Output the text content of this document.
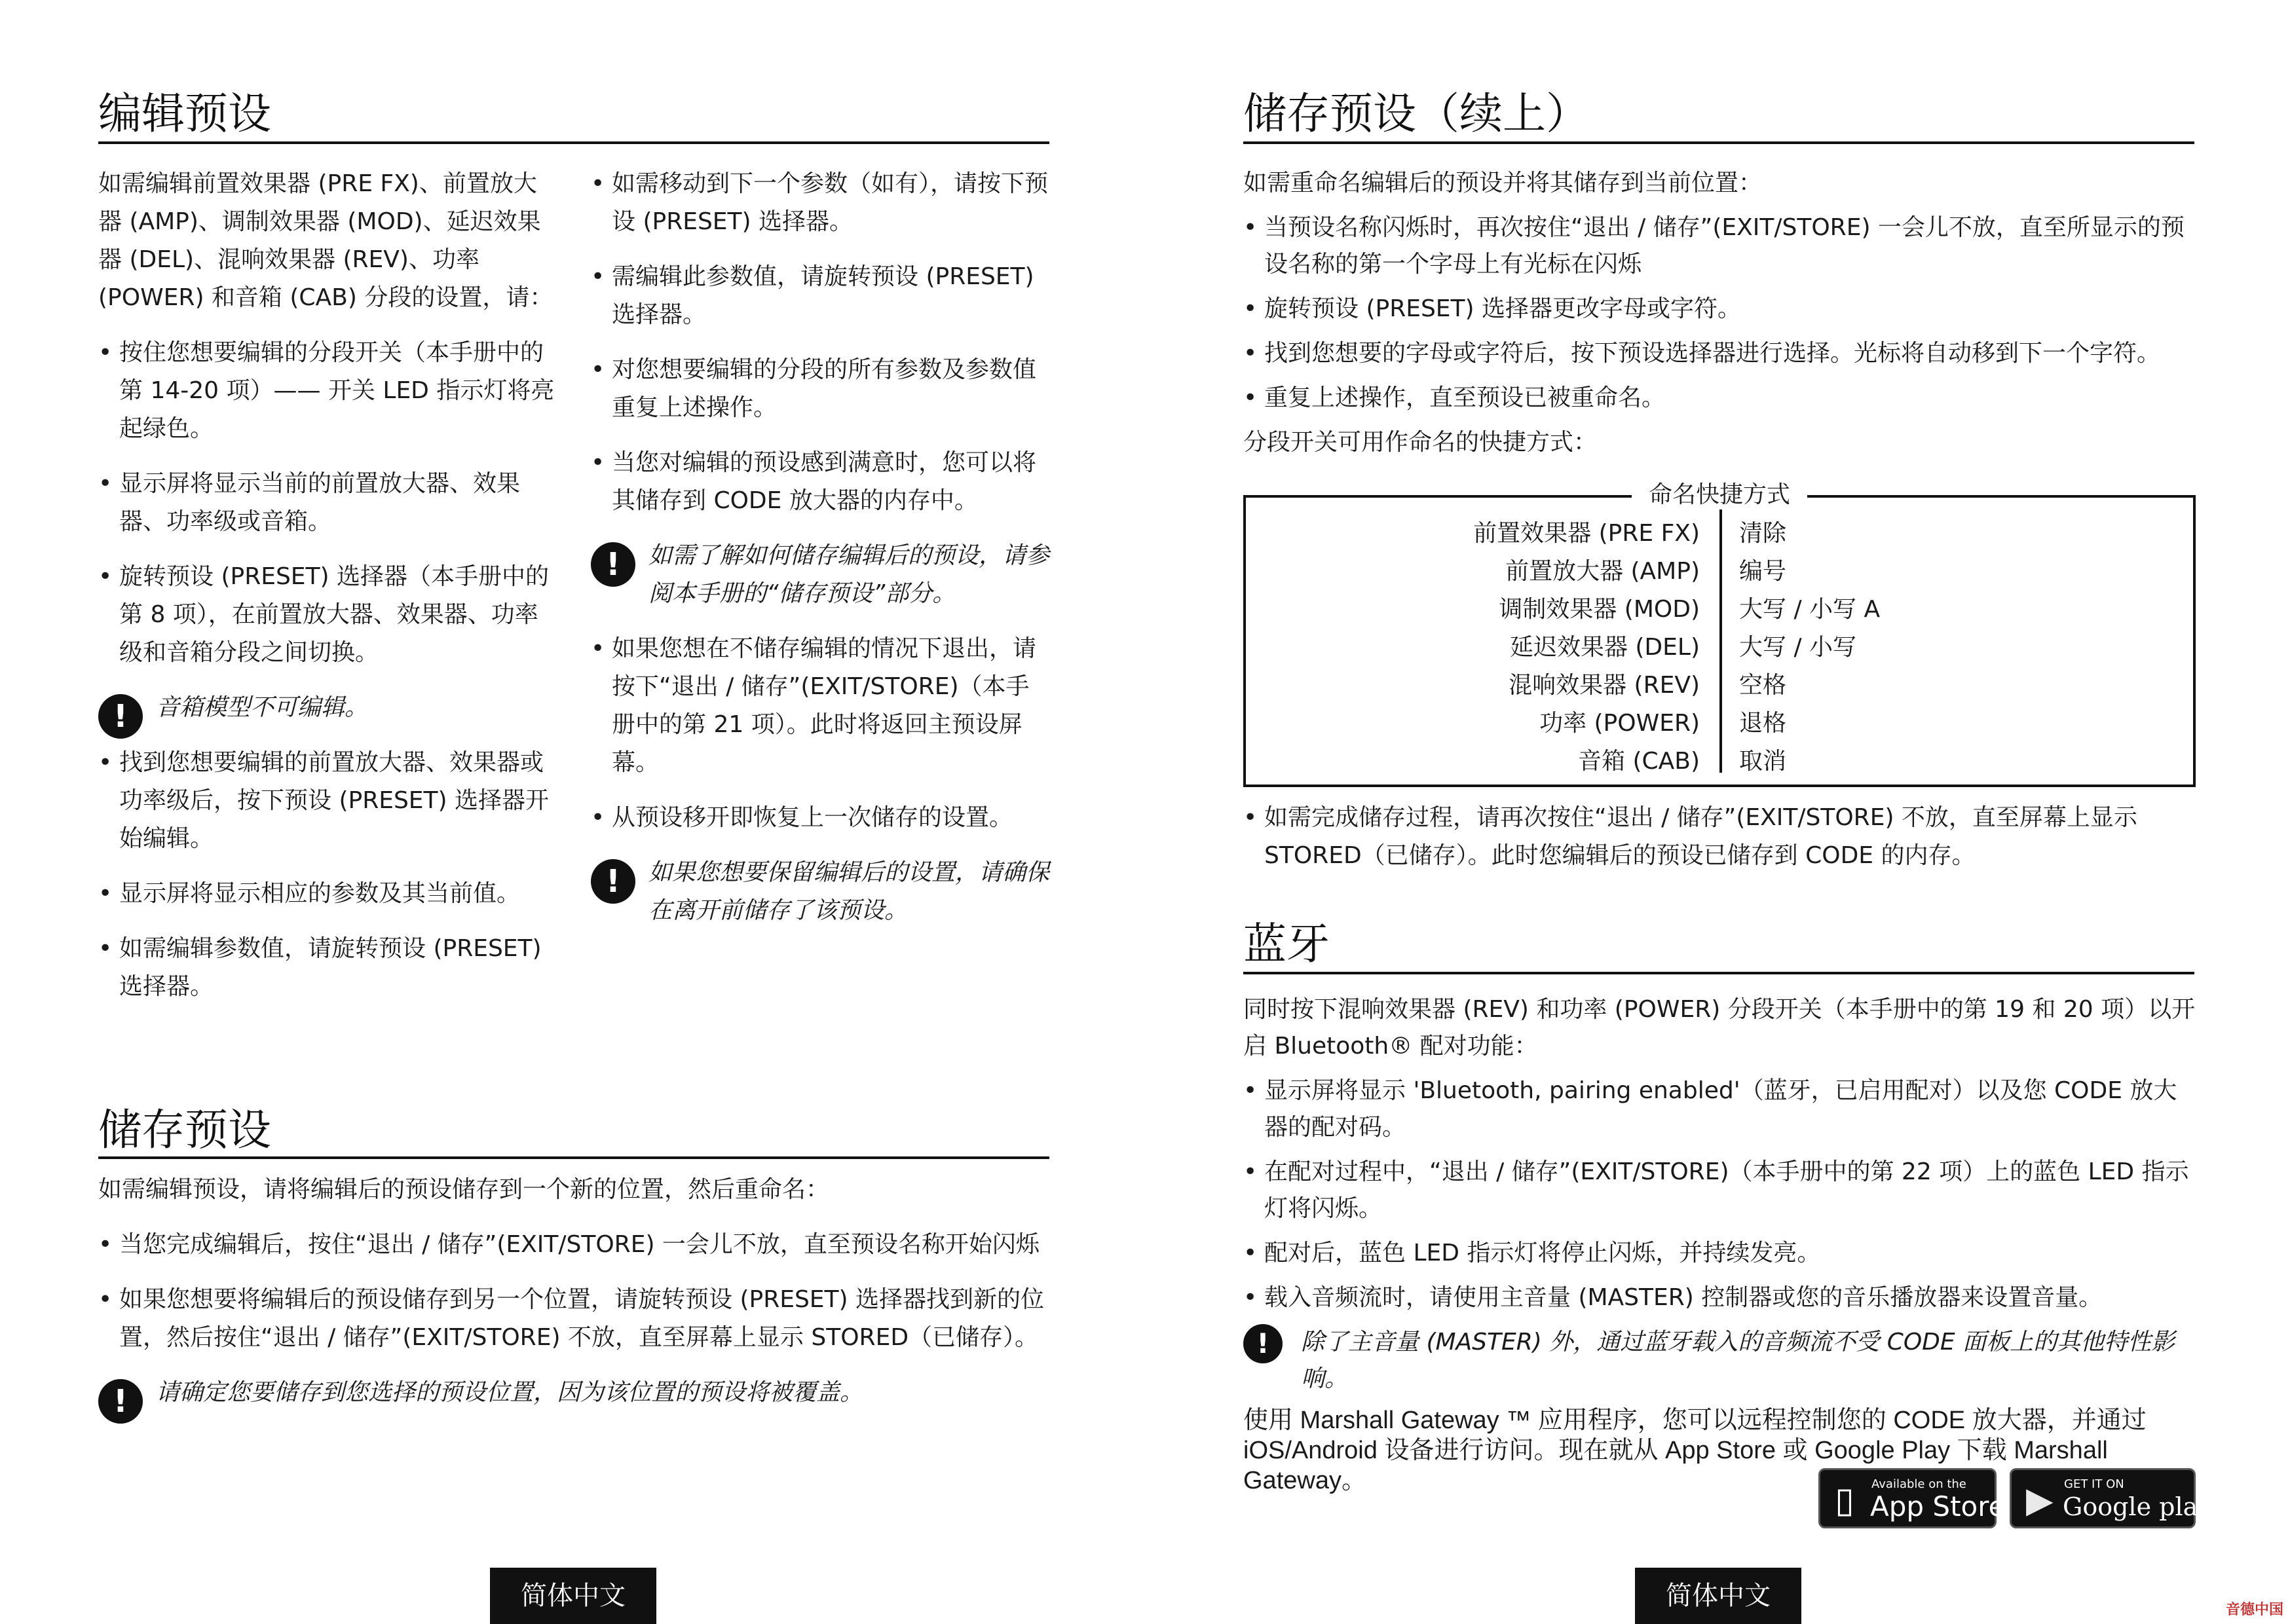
编辑预设

如需编辑前置效果器 (PRE FX)、前置放大器 (AMP)、调制效果器 (MOD)、延迟效果器 (DEL)、混响效果器 (REV)、功率 (POWER) 和音箱 (CAB) 分段的设置，请：

• 按住您想要编辑的分段开关（本手册中的第 14-20 项）—— 开关 LED 指示灯将亮起绿色。
• 显示屏将显示当前的前置放大器、效果器、功率级或音箱。
• 旋转预设 (PRESET) 选择器（本手册中的第 8 项），在前置放大器、效果器、功率级和音箱分段之间切换。
!	音箱模型不可编辑。
• 找到您想要编辑的前置放大器、效果器或功率级后，按下预设 (PRESET) 选择器开始编辑。
• 显示屏将显示相应的参数及其当前值。
• 如需编辑参数值，请旋转预设 (PRESET) 选择器。
• 如需移动到下一个参数（如有），请按下预设 (PRESET) 选择器。
• 需编辑此参数值，请旋转预设 (PRESET) 选择器。
• 对您想要编辑的分段的所有参数及参数值重复上述操作。
• 当您对编辑的预设感到满意时，您可以将其储存到 CODE 放大器的内存中。
!	如需了解如何储存编辑后的预设，请参阅本手册的“储存预设”部分。
• 如果您想在不储存编辑的情况下退出，请按下“退出 / 储存”(EXIT/STORE)（本手册中的第 21 项）。此时将返回主预设屏幕。
• 从预设移开即恢复上一次储存的设置。
!	如果您想要保留编辑后的设置，请确保在离开前储存了该预设。
储存预设

如需编辑预设，请将编辑后的预设储存到一个新的位置，然后重命名：

• 当您完成编辑后，按住“退出 / 储存”(EXIT/STORE) 一会儿不放，直至预设名称开始闪烁
• 如果您想要将编辑后的预设储存到另一个位置，请旋转预设 (PRESET) 选择器找到新的位置，然后按住“退出 / 储存”(EXIT/STORE) 不放，直至屏幕上显示 STORED（已储存）。
!	请确定您要储存到您选择的预设位置，因为该位置的预设将被覆盖。
简体中文
储存预设（续上）

如需重命名编辑后的预设并将其储存到当前位置：

• 当预设名称闪烁时，再次按住“退出 / 储存”(EXIT/STORE) 一会儿不放，直至所显示的预设名称的第一个字母上有光标在闪烁
• 旋转预设 (PRESET) 选择器更改字母或字符。
• 找到您想要的字母或字符后，按下预设选择器进行选择。光标将自动移到下一个字符。
• 重复上述操作，直至预设已被重命名。

分段开关可用作命名的快捷方式：

命名快捷方式
前置效果器 (PRE FX) 清除
前置放大器 (AMP) 编号
调制效果器 (MOD) 大写 / 小写 A
延迟效果器 (DEL) 大写 / 小写
混响效果器 (REV) 空格
功率 (POWER) 退格
音箱 (CAB) 取消
• 如需完成储存过程，请再次按住“退出 / 储存”(EXIT/STORE) 不放，直至屏幕上显示 STORED（已储存）。此时您编辑后的预设已储存到 CODE 的内存。
蓝牙

同时按下混响效果器 (REV) 和功率 (POWER) 分段开关（本手册中的第 19 和 20 项）以开启 Bluetooth® 配对功能：

• 显示屏将显示 'Bluetooth, pairing enabled'（蓝牙，已启用配对）以及您 CODE 放大器的配对码。
• 在配对过程中，“退出 / 储存”(EXIT/STORE)（本手册中的第 22 项）上的蓝色 LED 指示灯将闪烁。
• 配对后，蓝色 LED 指示灯将停止闪烁，并持续发亮。
• 载入音频流时，请使用主音量 (MASTER) 控制器或您的音乐播放器来设置音量。
!	除了主音量 (MASTER) 外，通过蓝牙载入的音频流不受 CODE 面板上的其他特性影响。

使用 Marshall Gateway ™ 应用程序，您可以远程控制您的 CODE 放大器，并通过 iOS/Android 设备进行访问。现在就从 App Store 或 Google Play 下载 Marshall Gateway。	▯ Available on the
App Store ▶ GET IT ON
Google play
简体中文	音德中国
